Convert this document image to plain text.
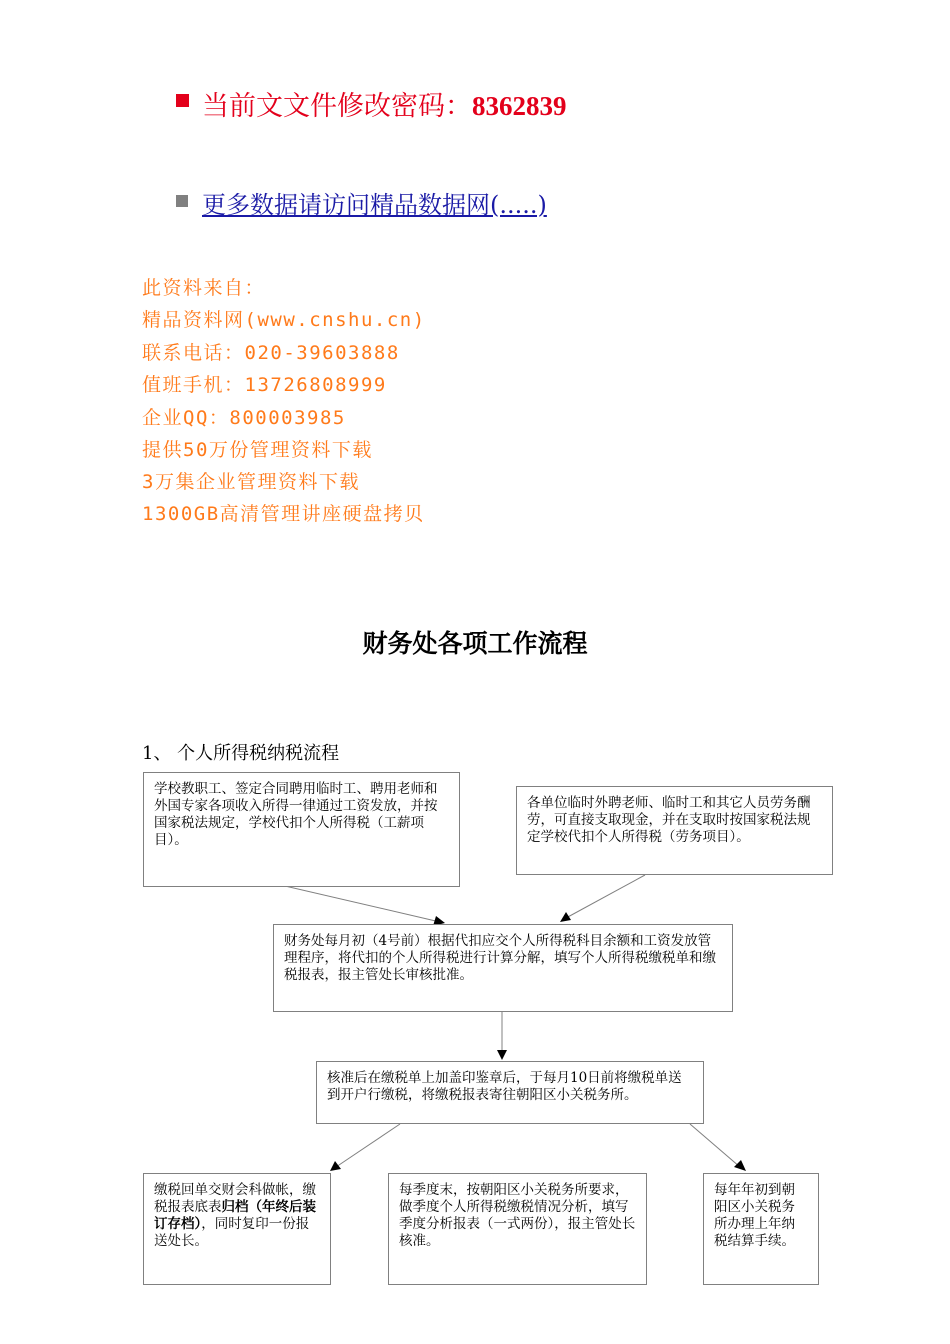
当前文文件修改密码：8362839
更多数据请访问精品数据网(.....)
此资料来自：
精品资料网(www.cnshu.cn)
联系电话：020-39603888
值班手机：13726808999
企业QQ：800003985
提供50万份管理资料下载
3万集企业管理资料下载
1300GB高清管理讲座硬盘拷贝
财务处各项工作流程
1、 个人所得税纳税流程
学校教职工、签定合同聘用临时工、聘用老师和外国专家各项收入所得一律通过工资发放，并按国家税法规定，学校代扣个人所得税（工薪项目）。
各单位临时外聘老师、临时工和其它人员劳务酬劳，可直接支取现金，并在支取时按国家税法规定学校代扣个人所得税（劳务项目）。
财务处每月初（4号前）根据代扣应交个人所得税科目余额和工资发放管理程序，将代扣的个人所得税进行计算分解，填写个人所得税缴税单和缴税报表，报主管处长审核批准。
核准后在缴税单上加盖印鉴章后，于每月10日前将缴税单送到开户行缴税，将缴税报表寄往朝阳区小关税务所。
缴税回单交财会科做帐，缴税报表底表归档（年终后装订存档），同时复印一份报送处长。
每季度末，按朝阳区小关税务所要求，做季度个人所得税缴税情况分析，填写季度分析报表（一式两份），报主管处长核准。
每年年初到朝阳区小关税务所办理上年纳税结算手续。
